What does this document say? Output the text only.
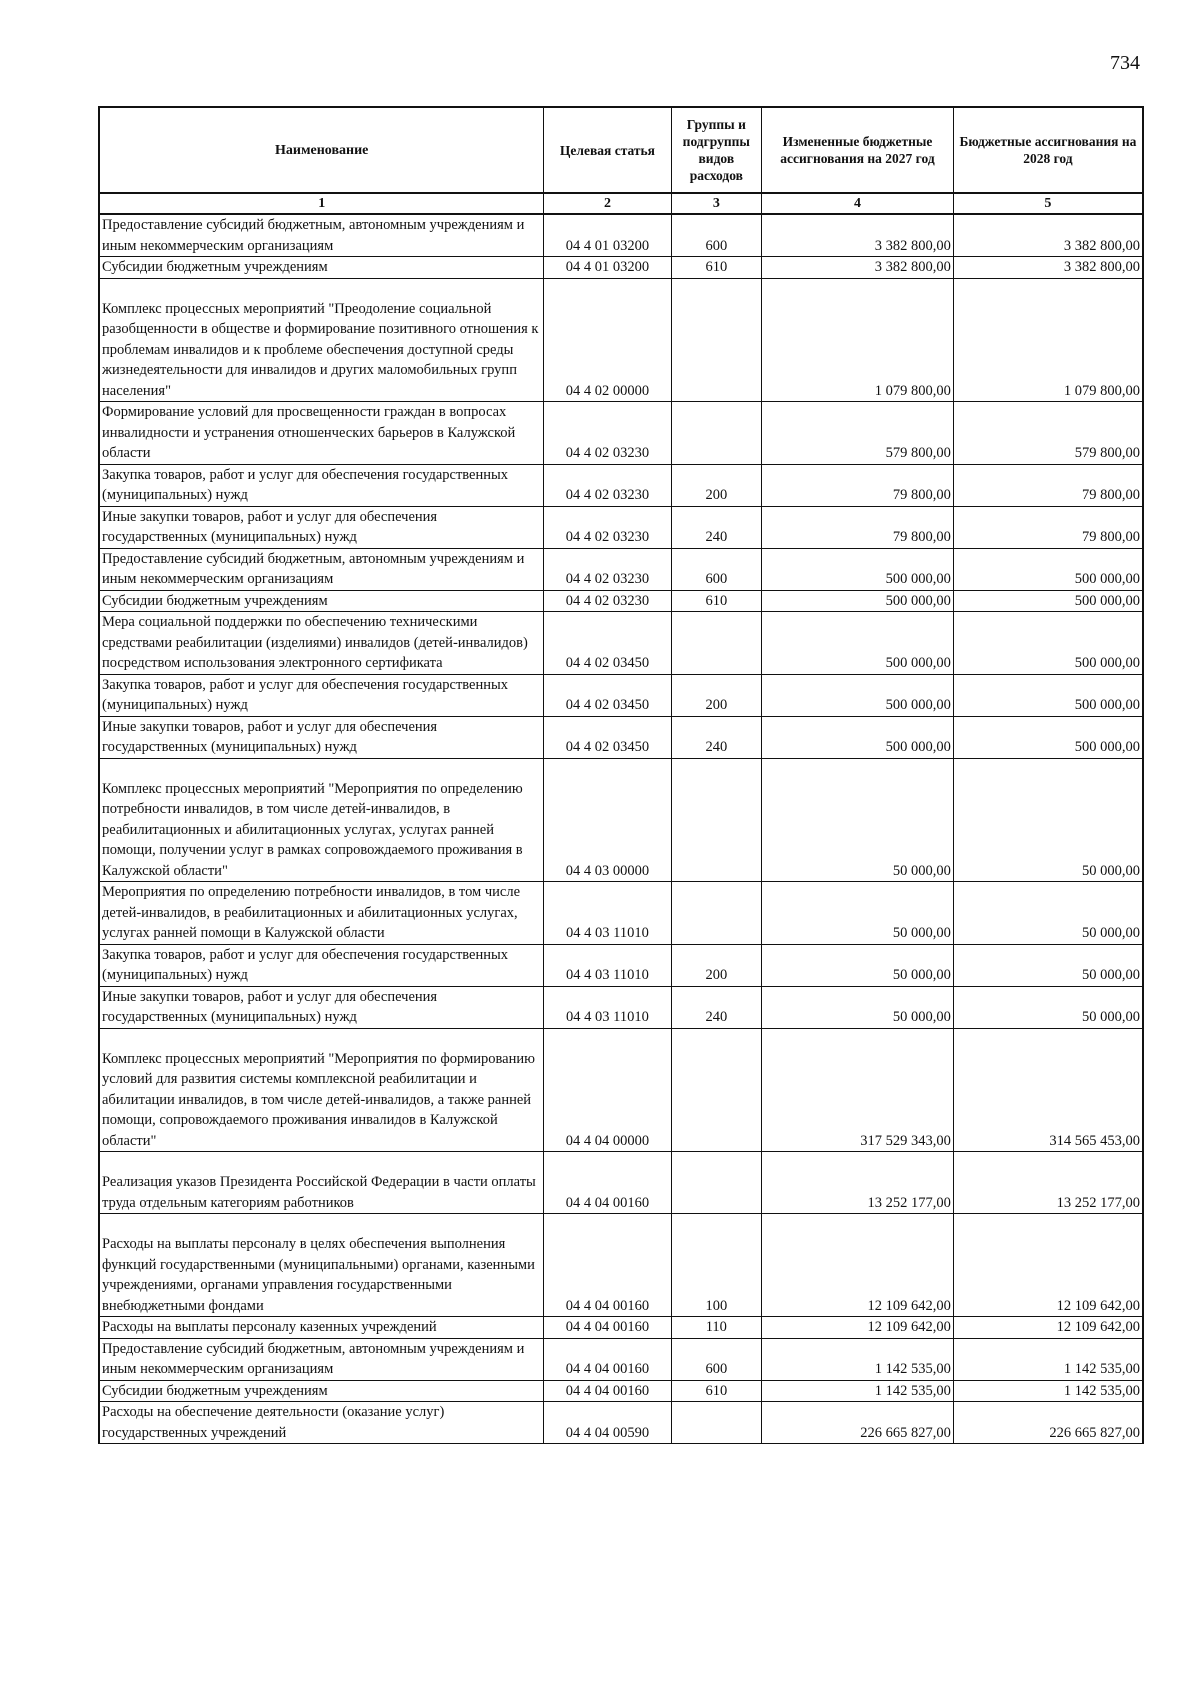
734
Наименование	Целевая статья	Группы и подгруппы видов расходов	Измененные бюджетные ассигнования на 2027 год	Бюджетные ассигнования на 2028 год
1	2	3	4	5
Предоставление субсидий бюджетным, автономным учреждениям и иным некоммерческим организациям	04 4 01 03200	600	3 382 800,00	3 382 800,00
Субсидии бюджетным учреждениям	04 4 01 03200	610	3 382 800,00	3 382 800,00
Комплекс процессных мероприятий "Преодоление социальной разобщенности в обществе и формирование позитивного отношения к проблемам инвалидов и к проблеме обеспечения доступной среды жизнедеятельности для инвалидов и других маломобильных групп населения"	04 4 02 00000		1 079 800,00	1 079 800,00
Формирование условий для просвещенности граждан в вопросах инвалидности и устранения отношенческих барьеров в Калужской области	04 4 02 03230		579 800,00	579 800,00
Закупка товаров, работ и услуг для обеспечения государственных (муниципальных) нужд	04 4 02 03230	200	79 800,00	79 800,00
Иные закупки товаров, работ и услуг для обеспечения государственных (муниципальных) нужд	04 4 02 03230	240	79 800,00	79 800,00
Предоставление субсидий бюджетным, автономным учреждениям и иным некоммерческим организациям	04 4 02 03230	600	500 000,00	500 000,00
Субсидии бюджетным учреждениям	04 4 02 03230	610	500 000,00	500 000,00
Мера социальной поддержки по обеспечению техническими средствами реабилитации (изделиями) инвалидов (детей-инвалидов) посредством использования электронного сертификата	04 4 02 03450		500 000,00	500 000,00
Закупка товаров, работ и услуг для обеспечения государственных (муниципальных) нужд	04 4 02 03450	200	500 000,00	500 000,00
Иные закупки товаров, работ и услуг для обеспечения государственных (муниципальных) нужд	04 4 02 03450	240	500 000,00	500 000,00
Комплекс процессных мероприятий "Мероприятия по определению потребности инвалидов, в том числе детей-инвалидов, в реабилитационных и абилитационных услугах, услугах ранней помощи, получении услуг в рамках сопровождаемого проживания в Калужской области"	04 4 03 00000		50 000,00	50 000,00
Мероприятия по определению потребности инвалидов, в том числе детей-инвалидов, в реабилитационных и абилитационных услугах, услугах ранней помощи в Калужской области	04 4 03 11010		50 000,00	50 000,00
Закупка товаров, работ и услуг для обеспечения государственных (муниципальных) нужд	04 4 03 11010	200	50 000,00	50 000,00
Иные закупки товаров, работ и услуг для обеспечения государственных (муниципальных) нужд	04 4 03 11010	240	50 000,00	50 000,00
Комплекс процессных мероприятий "Мероприятия по формированию условий для развития системы комплексной реабилитации и абилитации инвалидов, в том числе детей-инвалидов, а также ранней помощи, сопровождаемого проживания инвалидов в Калужской области"	04 4 04 00000		317 529 343,00	314 565 453,00
Реализация указов Президента Российской Федерации в части оплаты труда отдельным категориям работников	04 4 04 00160		13 252 177,00	13 252 177,00
Расходы на выплаты персоналу в целях обеспечения выполнения функций государственными (муниципальными) органами, казенными учреждениями, органами управления государственными внебюджетными фондами	04 4 04 00160	100	12 109 642,00	12 109 642,00
Расходы на выплаты персоналу казенных учреждений	04 4 04 00160	110	12 109 642,00	12 109 642,00
Предоставление субсидий бюджетным, автономным учреждениям и иным некоммерческим организациям	04 4 04 00160	600	1 142 535,00	1 142 535,00
Субсидии бюджетным учреждениям	04 4 04 00160	610	1 142 535,00	1 142 535,00
Расходы на обеспечение деятельности (оказание услуг) государственных учреждений	04 4 04 00590		226 665 827,00	226 665 827,00
